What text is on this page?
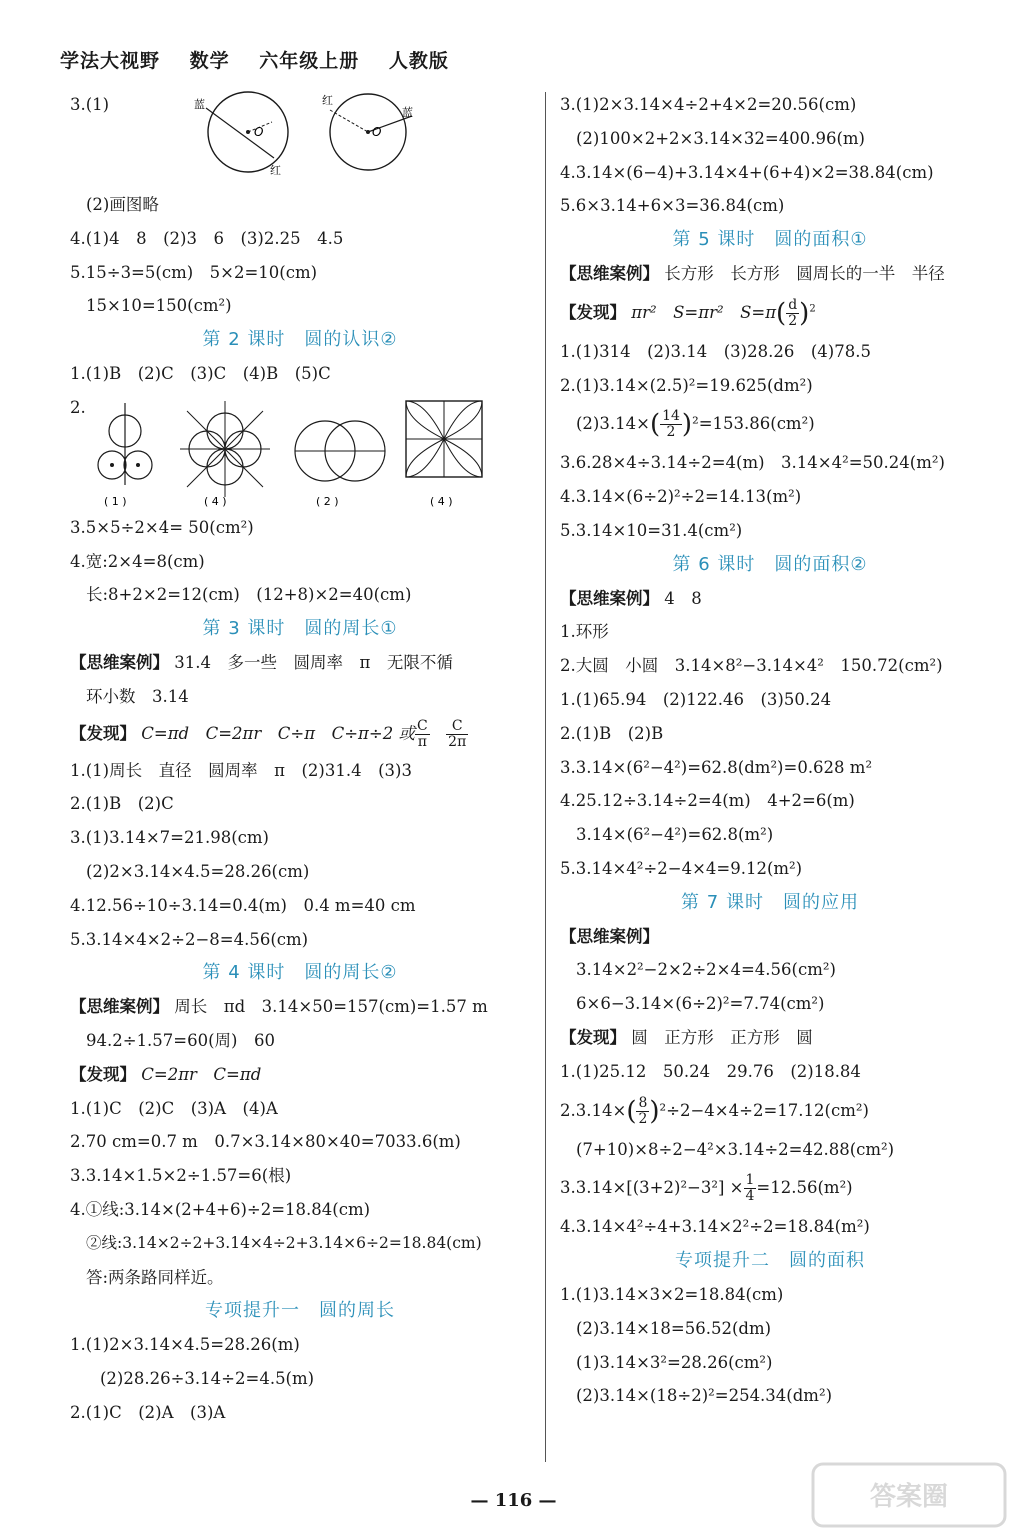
学法大视野 数学 六年级上册 人教版
3.(1)	蓝
红
O
红
蓝
O
(2)画图略
4.(1)4　8　(2)3　6　(3)2.25　4.5
5.15÷3=5(cm)　5×2=10(cm)
15×10=150(cm²)
第 2 课时　圆的认识②
1.(1)B　(2)C　(3)C　(4)B　(5)C
2.
( 1 )	( 4 )	( 2 )	( 4 )
3.5×5÷2×4= 50(cm²)
4.宽:2×4=8(cm)
长:8+2×2=12(cm)　(12+8)×2=40(cm)
第 3 课时　圆的周长①
【思维案例】 31.4　多一些　圆周率　π　无限不循
环小数　3.14
【发现】 C=πd　C=2πr　C÷π　C÷π÷2 或 $\frac{C}{\pi}$
　 $\frac{C}{2\pi}$
1.(1)周长　直径　圆周率　π　(2)31.4　(3)3
2.(1)B　(2)C
3.(1)3.14×7=21.98(cm)
(2)2×3.14×4.5=28.26(cm)
4.12.56÷10÷3.14=0.4(m)　0.4 m=40 cm
5.3.14×4×2÷2−8=4.56(cm)
第 4 课时　圆的周长②
【思维案例】 周长　πd　3.14×50=157(cm)=1.57 m
94.2÷1.57=60(周)　60
【发现】 C=2πr　C=πd
1.(1)C　(2)C　(3)A　(4)A
2.70 cm=0.7 m　0.7×3.14×80×40=7033.6(m)
3.3.14×1.5×2÷1.57=6(根)
4.①线:3.14×(2+4+6)÷2=18.84(cm)
②线:3.14×2÷2+3.14×4÷2+3.14×6÷2=18.84(cm)
答:两条路同样近。
专项提升一　圆的周长
1.(1)2×3.14×4.5=28.26(m)
(2)28.26÷3.14÷2=4.5(m)
2.(1)C　(2)A　(3)A
3.(1)2×3.14×4÷2+4×2=20.56(cm)
(2)100×2+2×3.14×32=400.96(m)
4.3.14×(6−4)+3.14×4+(6+4)×2=38.84(cm)
5.6×3.14+6×3=36.84(cm)
第 5 课时　圆的面积①
【思维案例】 长方形　长方形　圆周长的一半　半径
【发现】 πr²　S=πr²　$S=\pi( \frac{d}{2} )^2$
1.(1)314　(2)3.14　(3)28.26　(4)78.5
2.(1)3.14×(2.5)²=19.625(dm²)
$(2)3.14\times( \frac{14}{2} )^2=153.86(cm^2)$
3.6.28×4÷3.14÷2=4(m)　3.14×4²=50.24(m²)
4.3.14×(6÷2)²÷2=14.13(m²)
5.3.14×10=31.4(cm²)
第 6 课时　圆的面积②
【思维案例】 4　8
1.环形
2.大圆　小圆　3.14×8²−3.14×4²　150.72(cm²)
1.(1)65.94　(2)122.46　(3)50.24
2.(1)B　(2)B
3.3.14×(6²−4²)=62.8(dm²)=0.628 m²
4.25.12÷3.14÷2=4(m)　4+2=6(m)
3.14×(6²−4²)=62.8(m²)
5.3.14×4²÷2−4×4=9.12(m²)
第 7 课时　圆的应用
【思维案例】
3.14×2²−2×2÷2×4=4.56(cm²)
6×6−3.14×(6÷2)²=7.74(cm²)
【发现】 圆　正方形　正方形　圆
1.(1)25.12　50.24　29.76　(2)18.84
$2.3.14\times( \frac{8}{2} )^2\div 2-4\times 4\div 2=17.12(cm^2)$
(7+10)×8÷2−4²×3.14÷2=42.88(cm²)
$3.3.14\times[(3+2)^2-3^2] \times \frac{1}{4} =12.56(m^2)$
4.3.14×4²÷4+3.14×2²÷2=18.84(m²)
专项提升二　圆的面积
1.(1)3.14×3×2=18.84(cm)
(2)3.14×18=56.52(dm)
(1)3.14×3²=28.26(cm²)
(2)3.14×(18÷2)²=254.34(dm²)
— 116 —	答案圈
